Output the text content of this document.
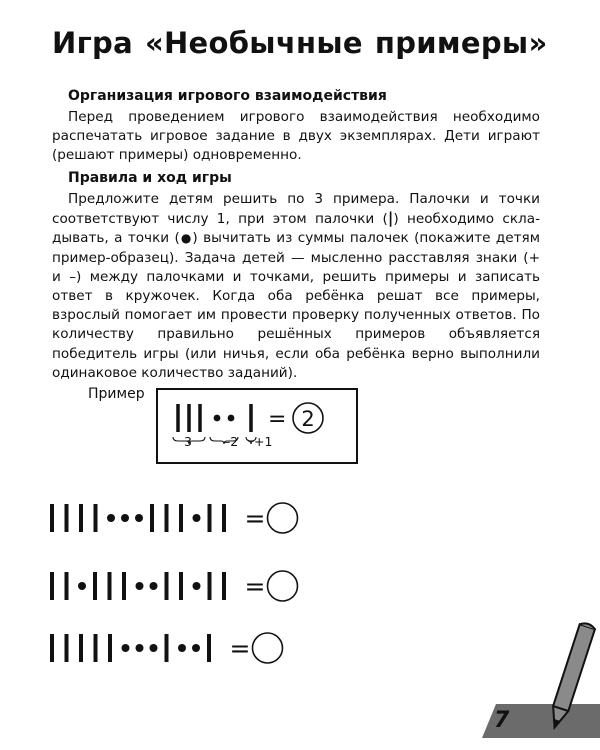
Игра «Необычные примеры»
Организация игрового взаимодействия
Перед проведением игрового взаимодействия необходимо распечатать игровое задание в двух экземплярах. Дети играют (решают примеры) одновременно.
Правила и ход игры
Предложите детям решить по 3 примера. Палочки и точки соответствуют числу 1, при этом палочки (|) необходимо складывать, а точки (●) вычитать из суммы палочек (покажите детям пример-образец). Задача детей — мысленно расставляя знаки (+ и –) между палочками и точками, решить примеры и записать ответ в кружочек. Когда оба ребёнка решат все примеры, взрослый помогает им провести проверку полученных ответов. По количеству правильно решённых примеров объявляется победитель игры (или ничья, если оба ребёнка верно выполнили одинаковое количество заданий).
Пример
= 2
3	–2 +1
=
=
=
7
